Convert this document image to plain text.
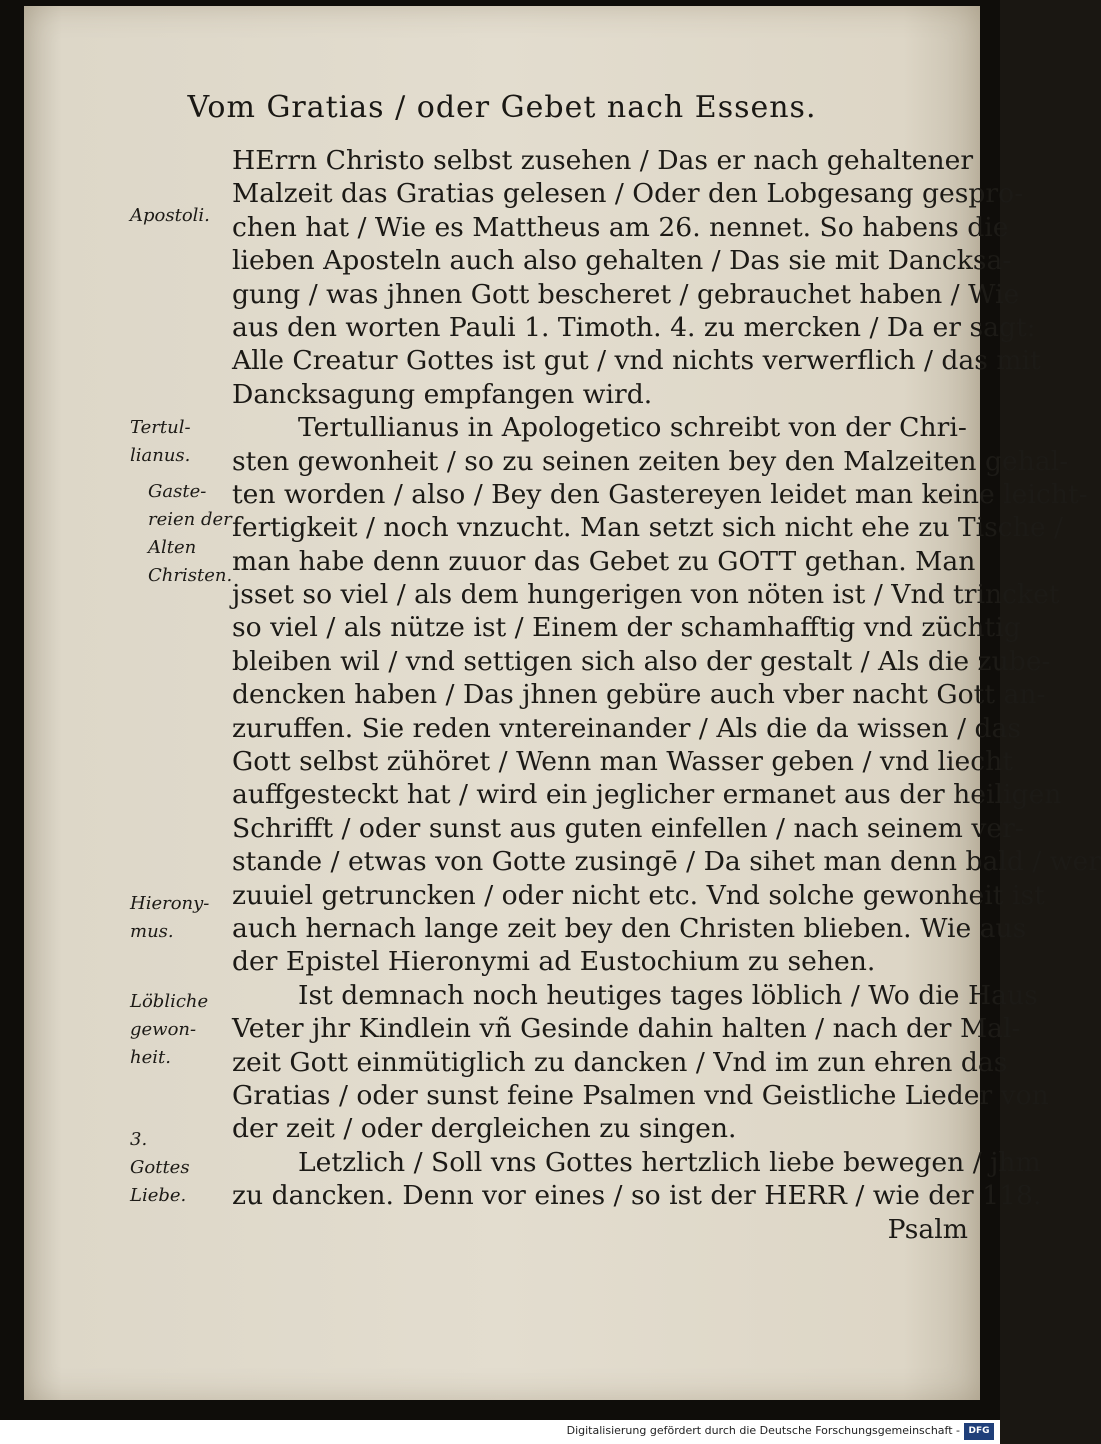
Vom Gratias / oder Gebet nach Essens.
HErrn Christo selbst zusehen / Das er nach gehaltener
Malzeit das Gratias gelesen / Oder den Lobgesang gespro-
chen hat / Wie es Mattheus am 26. nennet. So habens die
lieben Aposteln auch also gehalten / Das sie mit Dancksa-
gung / was jhnen Gott bescheret / gebrauchet haben / Wie
aus den worten Pauli 1. Timoth. 4. zu mercken / Da er sagt:
Alle Creatur Gottes ist gut / vnd nichts verwerflich / das mit
Dancksagung empfangen wird.
Tertullianus in Apologetico schreibt von der Chri-
sten gewonheit / so zu seinen zeiten bey den Malzeiten gehal-
ten worden / also / Bey den Gastereyen leidet man keine leicht-
fertigkeit / noch vnzucht. Man setzt sich nicht ehe zu Tische /
man habe denn zuuor das Gebet zu GOTT gethan. Man
jsset so viel / als dem hungerigen von nöten ist / Vnd trincket
so viel / als nütze ist / Einem der schamhafftig vnd züchtig
bleiben wil / vnd settigen sich also der gestalt / Als die zube-
dencken haben / Das jhnen gebüre auch vber nacht Gott an-
zuruffen. Sie reden vntereinander / Als die da wissen / das
Gott selbst zühöret / Wenn man Wasser geben / vnd liecht
auffgesteckt hat / wird ein jeglicher ermanet aus der heiligen
Schrifft / oder sunst aus guten einfellen / nach seinem ver-
stande / etwas von Gotte zusingē / Da sihet man denn bald / wer
zuuiel getruncken / oder nicht etc. Vnd solche gewonheit ist
auch hernach lange zeit bey den Christen blieben. Wie aus
der Epistel Hieronymi ad Eustochium zu sehen.
Ist demnach noch heutiges tages löblich / Wo die Haus
Veter jhr Kindlein vñ Gesinde dahin halten / nach der Mal-
zeit Gott einmütiglich zu dancken / Vnd im zun ehren das
Gratias / oder sunst feine Psalmen vnd Geistliche Lieder von
der zeit / oder dergleichen zu singen.
Letzlich / Soll vns Gottes hertzlich liebe bewegen / jhm
zu dancken. Denn vor eines / so ist der HERR / wie der 118.
Psalm
Apostoli.
Tertul-
lianus.
Gaste-
reien der
Alten
Christen.
Hierony-
mus.
Löbliche
gewon-
heit.
3.
Gottes
Liebe.
Digitalisierung gefördert durch die Deutsche Forschungsgemeinschaft - DFG
